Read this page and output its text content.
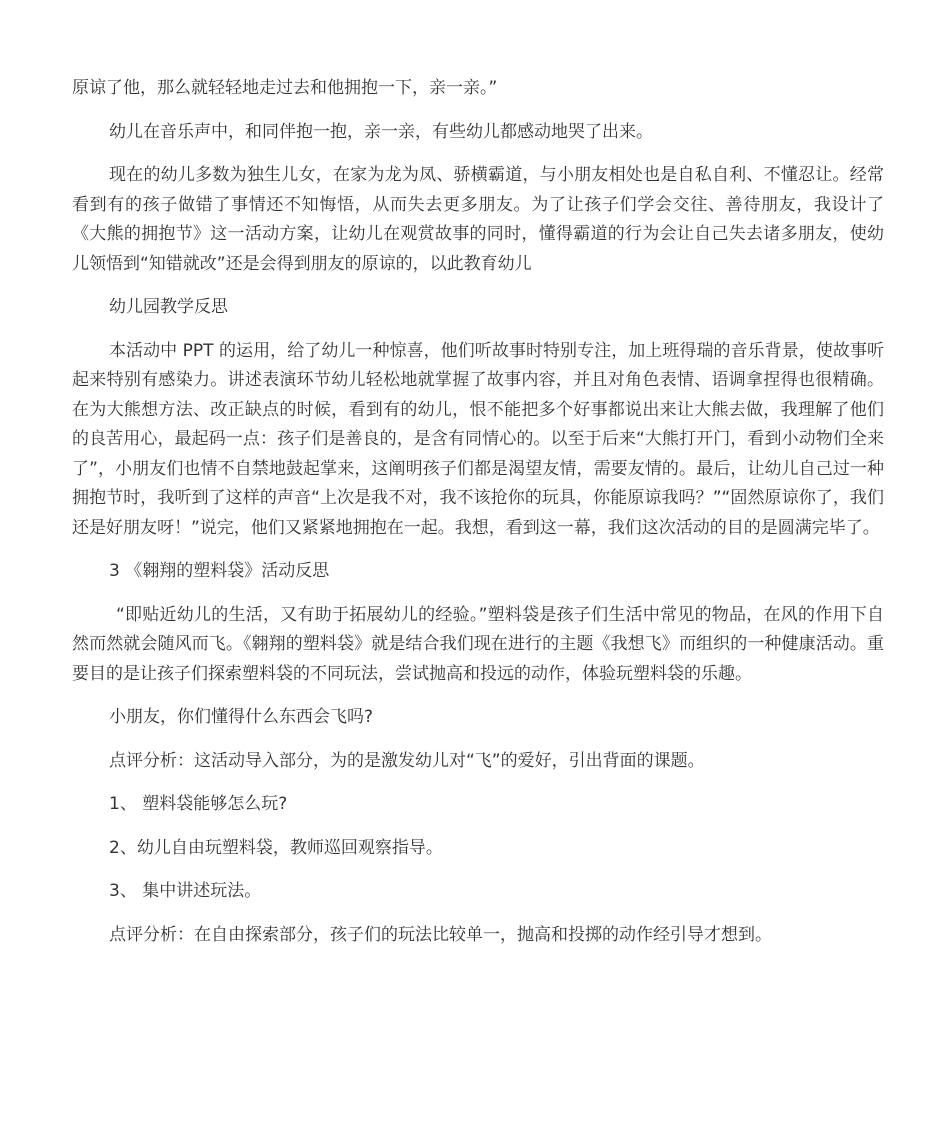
原谅了他，那么就轻轻地走过去和他拥抱一下，亲一亲。”

幼儿在音乐声中，和同伴抱一抱，亲一亲，有些幼儿都感动地哭了出来。

现在的幼儿多数为独生儿女，在家为龙为凤、骄横霸道，与小朋友相处也是自私自利、不懂忍让。经常看到有的孩子做错了事情还不知悔悟，从而失去更多朋友。为了让孩子们学会交往、善待朋友，我设计了《大熊的拥抱节》这一活动方案，让幼儿在观赏故事的同时，懂得霸道的行为会让自己失去诸多朋友，使幼儿领悟到“知错就改”还是会得到朋友的原谅的，以此教育幼儿

幼儿园教学反思

本活动中 PPT 的运用，给了幼儿一种惊喜，他们听故事时特别专注，加上班得瑞的音乐背景，使故事听起来特别有感染力。讲述表演环节幼儿轻松地就掌握了故事内容，并且对角色表情、语调拿捏得也很精确。在为大熊想方法、改正缺点的时候，看到有的幼儿，恨不能把多个好事都说出来让大熊去做，我理解了他们的良苦用心，最起码一点：孩子们是善良的，是含有同情心的。以至于后来“大熊打开门，看到小动物们全来了”，小朋友们也情不自禁地鼓起掌来，这阐明孩子们都是渴望友情，需要友情的。最后，让幼儿自己过一种拥抱节时，我听到了这样的声音“上次是我不对，我不该抢你的玩具，你能原谅我吗？”“固然原谅你了，我们还是好朋友呀！”说完，他们又紧紧地拥抱在一起。我想，看到这一幕，我们这次活动的目的是圆满完毕了。

3 《翱翔的塑料袋》活动反思

“即贴近幼儿的生活，又有助于拓展幼儿的经验。”塑料袋是孩子们生活中常见的物品，在风的作用下自然而然就会随风而飞。《翱翔的塑料袋》就是结合我们现在进行的主题《我想飞》而组织的一种健康活动。重要目的是让孩子们探索塑料袋的不同玩法，尝试抛高和投远的动作，体验玩塑料袋的乐趣。

小朋友，你们懂得什么东西会飞吗?

点评分析：这活动导入部分，为的是激发幼儿对“飞”的爱好，引出背面的课题。

1、 塑料袋能够怎么玩?

2、幼儿自由玩塑料袋，教师巡回观察指导。

3、 集中讲述玩法。

点评分析：在自由探索部分，孩子们的玩法比较单一，抛高和投掷的动作经引导才想到。
